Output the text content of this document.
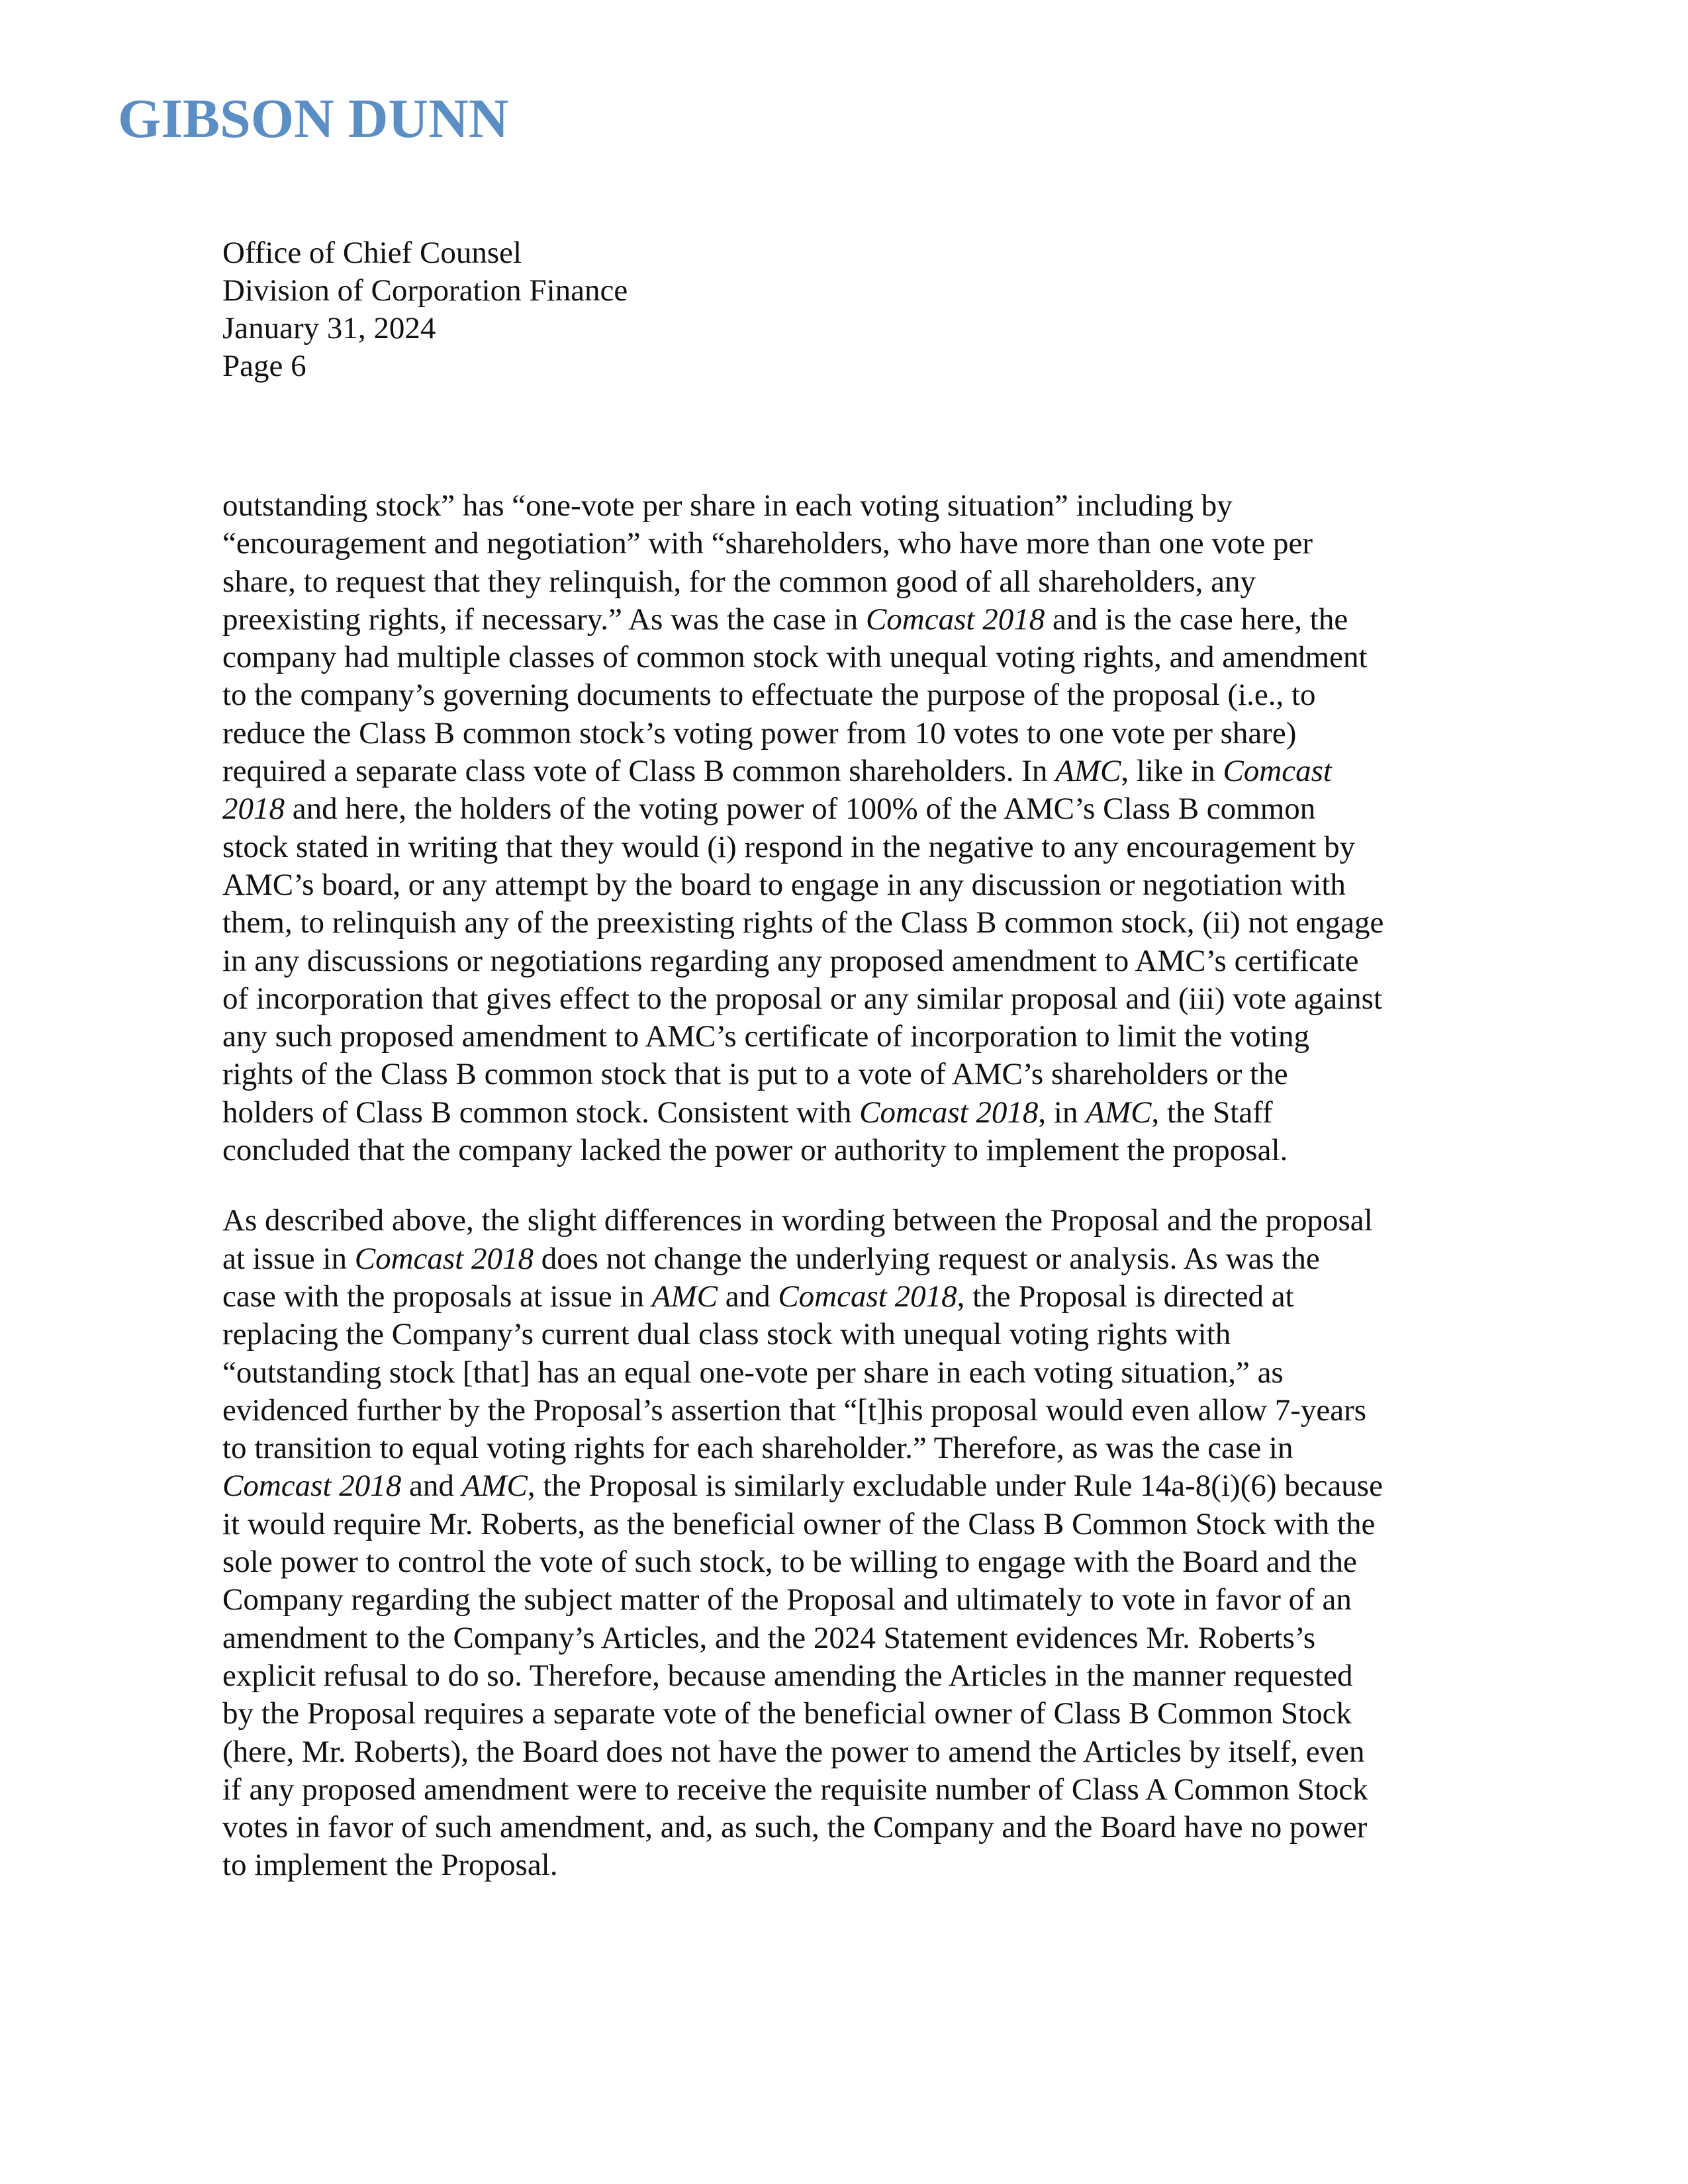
GIBSON DUNN
Office of Chief Counsel
Division of Corporation Finance
January 31, 2024
Page 6

outstanding stock” has “one-vote per share in each voting situation” including by
“encouragement and negotiation” with “shareholders, who have more than one vote per
share, to request that they relinquish, for the common good of all shareholders, any
preexisting rights, if necessary.” As was the case in Comcast 2018 and is the case here, the
company had multiple classes of common stock with unequal voting rights, and amendment
to the company’s governing documents to effectuate the purpose of the proposal (i.e., to
reduce the Class B common stock’s voting power from 10 votes to one vote per share)
required a separate class vote of Class B common shareholders. In AMC, like in Comcast
2018 and here, the holders of the voting power of 100% of the AMC’s Class B common
stock stated in writing that they would (i) respond in the negative to any encouragement by
AMC’s board, or any attempt by the board to engage in any discussion or negotiation with
them, to relinquish any of the preexisting rights of the Class B common stock, (ii) not engage
in any discussions or negotiations regarding any proposed amendment to AMC’s certificate
of incorporation that gives effect to the proposal or any similar proposal and (iii) vote against
any such proposed amendment to AMC’s certificate of incorporation to limit the voting
rights of the Class B common stock that is put to a vote of AMC’s shareholders or the
holders of Class B common stock. Consistent with Comcast 2018, in AMC, the Staff
concluded that the company lacked the power or authority to implement the proposal.

As described above, the slight differences in wording between the Proposal and the proposal
at issue in Comcast 2018 does not change the underlying request or analysis. As was the
case with the proposals at issue in AMC and Comcast 2018, the Proposal is directed at
replacing the Company’s current dual class stock with unequal voting rights with
“outstanding stock [that] has an equal one-vote per share in each voting situation,” as
evidenced further by the Proposal’s assertion that “[t]his proposal would even allow 7-years
to transition to equal voting rights for each shareholder.” Therefore, as was the case in
Comcast 2018 and AMC, the Proposal is similarly excludable under Rule 14a-8(i)(6) because
it would require Mr. Roberts, as the beneficial owner of the Class B Common Stock with the
sole power to control the vote of such stock, to be willing to engage with the Board and the
Company regarding the subject matter of the Proposal and ultimately to vote in favor of an
amendment to the Company’s Articles, and the 2024 Statement evidences Mr. Roberts’s
explicit refusal to do so. Therefore, because amending the Articles in the manner requested
by the Proposal requires a separate vote of the beneficial owner of Class B Common Stock
(here, Mr. Roberts), the Board does not have the power to amend the Articles by itself, even
if any proposed amendment were to receive the requisite number of Class A Common Stock
votes in favor of such amendment, and, as such, the Company and the Board have no power
to implement the Proposal.
